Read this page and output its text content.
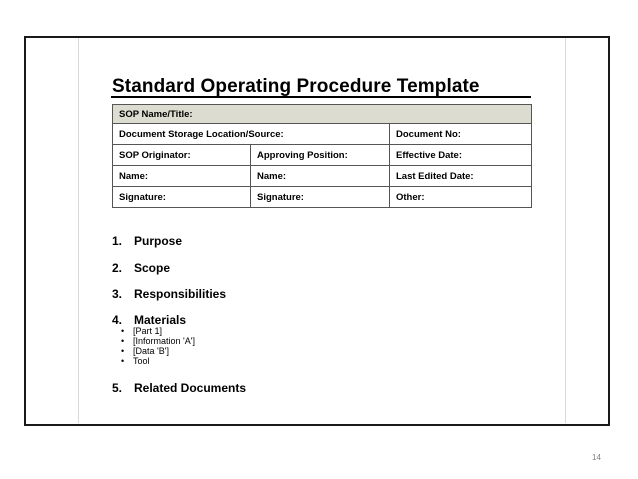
Standard Operating Procedure Template
SOP Name/Title:		
Document Storage Location/Source:		Document No:
SOP Originator:	Approving Position:	Effective Date:
Name:	Name:	Last Edited Date:
Signature:	Signature:	Other:
1. Purpose
2. Scope
3. Responsibilities
4. Materials
• [Part 1]
• [Information 'A']
• [Data 'B']
• Tool
5. Related Documents
14
